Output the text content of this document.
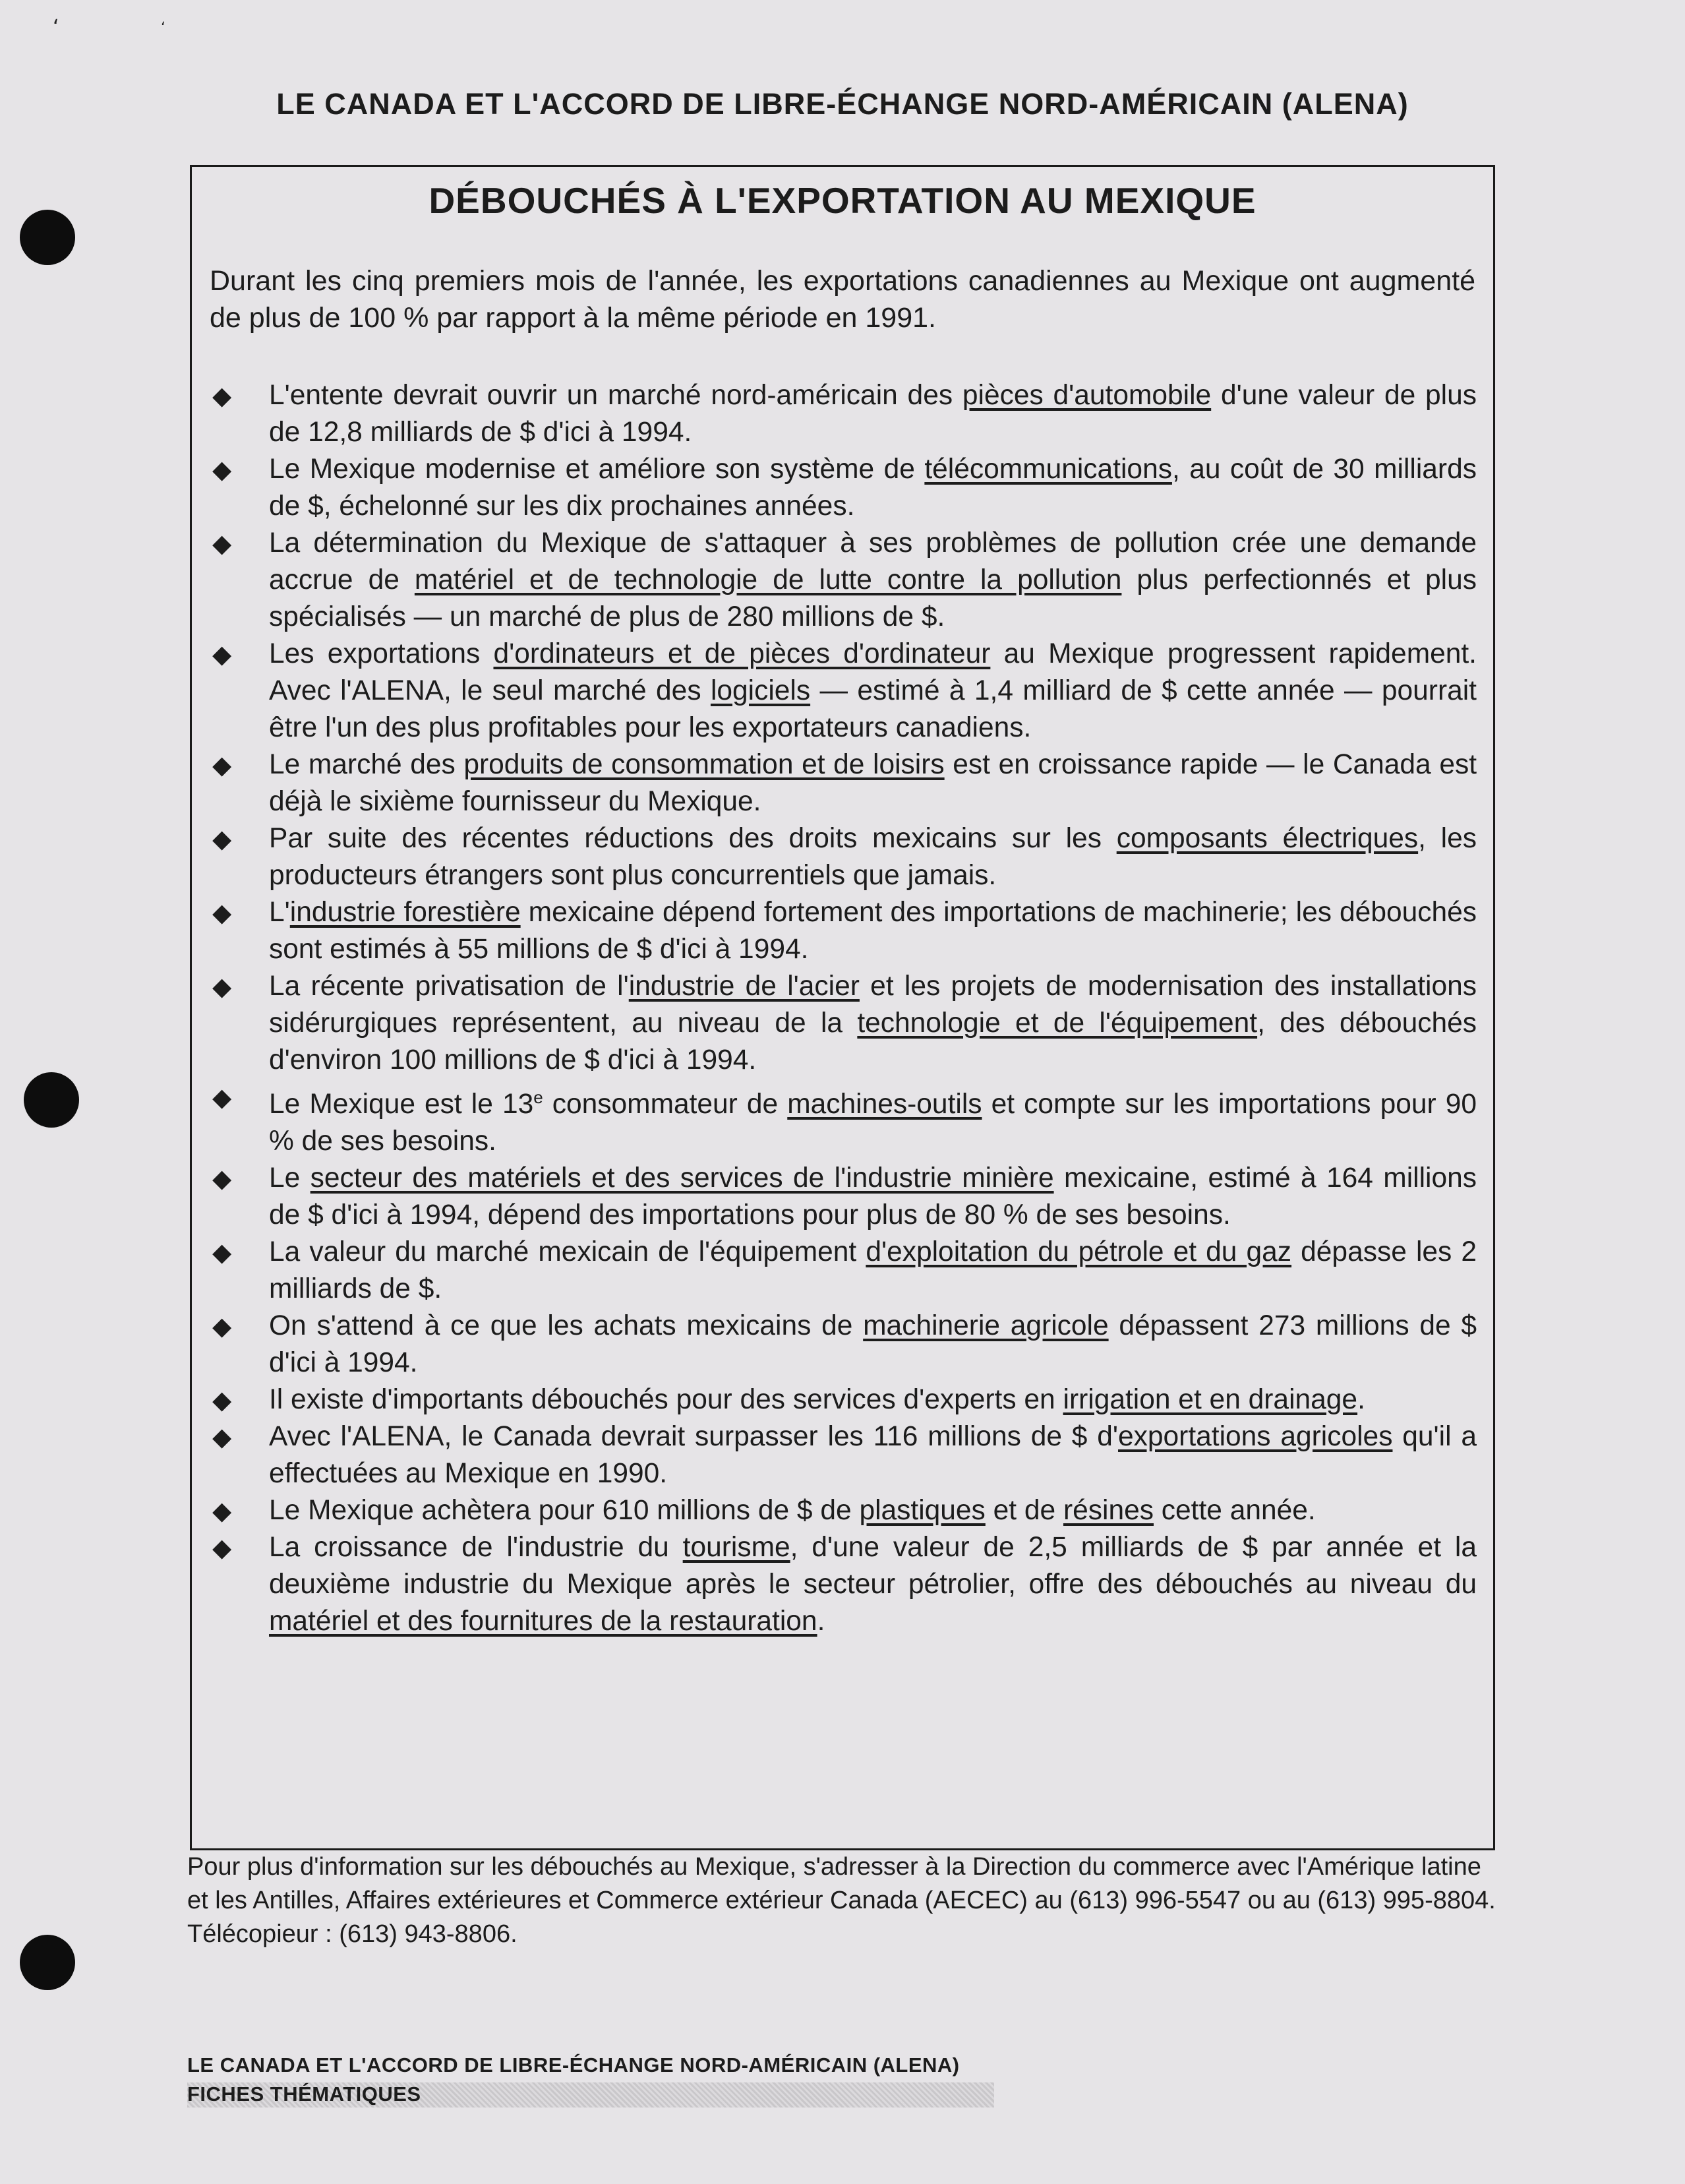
ʻ	ʻ
LE CANADA ET L'ACCORD DE LIBRE-ÉCHANGE NORD-AMÉRICAIN (ALENA)
DÉBOUCHÉS À L'EXPORTATION AU MEXIQUE
Durant les cinq premiers mois de l'année, les exportations canadiennes au Mexique ont augmenté de plus de 100 % par rapport à la même période en 1991.
◆ L'entente devrait ouvrir un marché nord-américain des pièces d'automobile d'une valeur de plus de 12,8 milliards de $ d'ici à 1994.
◆ Le Mexique modernise et améliore son système de télécommunications, au coût de 30 milliards de $, échelonné sur les dix prochaines années.
◆ La détermination du Mexique de s'attaquer à ses problèmes de pollution crée une demande accrue de matériel et de technologie de lutte contre la pollution plus perfectionnés et plus spécialisés — un marché de plus de 280 millions de $.
◆ Les exportations d'ordinateurs et de pièces d'ordinateur au Mexique progressent rapidement. Avec l'ALENA, le seul marché des logiciels — estimé à 1,4 milliard de $ cette année — pourrait être l'un des plus profitables pour les exportateurs canadiens.
◆ Le marché des produits de consommation et de loisirs est en croissance rapide — le Canada est déjà le sixième fournisseur du Mexique.
◆ Par suite des récentes réductions des droits mexicains sur les composants électriques, les producteurs étrangers sont plus concurrentiels que jamais.
◆ L'industrie forestière mexicaine dépend fortement des importations de machinerie; les débouchés sont estimés à 55 millions de $ d'ici à 1994.
◆ La récente privatisation de l'industrie de l'acier et les projets de modernisation des installations sidérurgiques représentent, au niveau de la technologie et de l'équipement, des débouchés d'environ 100 millions de $ d'ici à 1994.
◆ Le Mexique est le 13e consommateur de machines-outils et compte sur les importations pour 90 % de ses besoins.
◆ Le secteur des matériels et des services de l'industrie minière mexicaine, estimé à 164 millions de $ d'ici à 1994, dépend des importations pour plus de 80 % de ses besoins.
◆ La valeur du marché mexicain de l'équipement d'exploitation du pétrole et du gaz dépasse les 2 milliards de $.
◆ On s'attend à ce que les achats mexicains de machinerie agricole dépassent 273 millions de $ d'ici à 1994.
◆ Il existe d'importants débouchés pour des services d'experts en irrigation et en drainage.
◆ Avec l'ALENA, le Canada devrait surpasser les 116 millions de $ d'exportations agricoles qu'il a effectuées au Mexique en 1990.
◆ Le Mexique achètera pour 610 millions de $ de plastiques et de résines cette année.
◆ La croissance de l'industrie du tourisme, d'une valeur de 2,5 milliards de $ par année et la deuxième industrie du Mexique après le secteur pétrolier, offre des débouchés au niveau du matériel et des fournitures de la restauration.
Pour plus d'information sur les débouchés au Mexique, s'adresser à la Direction du commerce avec l'Amérique latine et les Antilles, Affaires extérieures et Commerce extérieur Canada (AECEC) au (613) 996-5547 ou au (613) 995-8804. Télécopieur : (613) 943-8806.
LE CANADA ET L'ACCORD DE LIBRE-ÉCHANGE NORD-AMÉRICAIN (ALENA)
FICHES THÉMATIQUES
